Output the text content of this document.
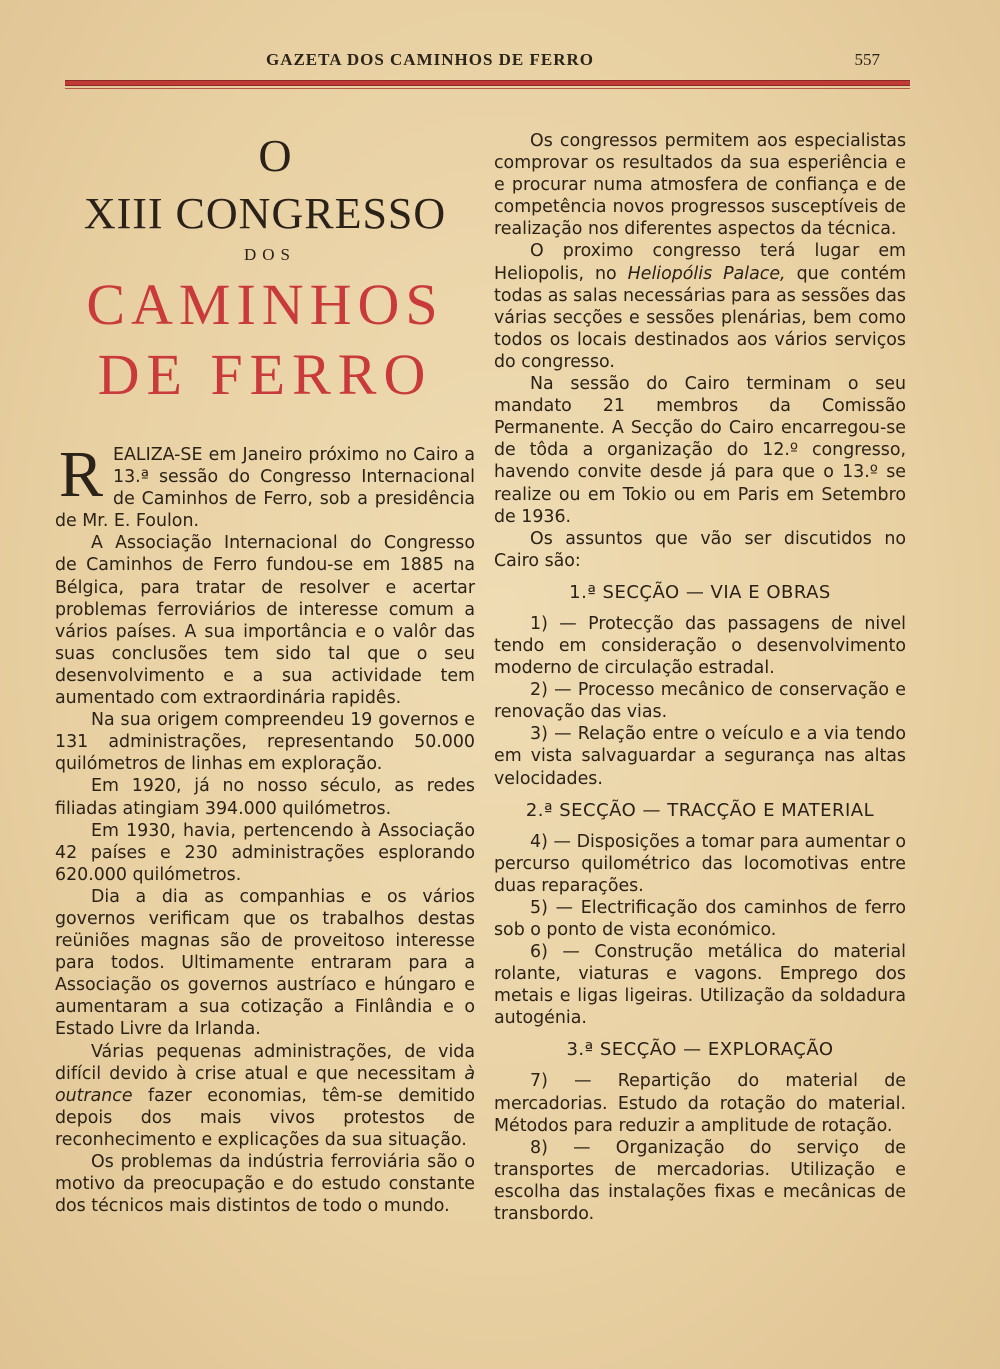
GAZETA DOS CAMINHOS DE FERRO	557
O
XIII CONGRESSO
DOS
CAMINHOS
DE FERRO
R EALIZA-SE em Janeiro próximo no Cairo a 13.ª sessão do Congresso Internacional de Caminhos de Ferro, sob a presidência de Mr. E. Foulon.

A Associação Internacional do Congresso de Caminhos de Ferro fundou-se em 1885 na Bélgica, para tratar de resolver e acertar problemas ferroviários de interesse comum a vários países. A sua importância e o valôr das suas conclusões tem sido tal que o seu desenvolvimento e a sua actividade tem aumentado com extraordinária rapidês.

Na sua origem compreendeu 19 governos e 131 administrações, representando 50.000 quilómetros de linhas em exploração.

Em 1920, já no nosso século, as redes filiadas atingiam 394.000 quilómetros.

Em 1930, havia, pertencendo à Associação 42 países e 230 administrações esplorando 620.000 quilómetros.

Dia a dia as companhias e os vários governos verificam que os trabalhos destas reüniões magnas são de proveitoso interesse para todos. Ultimamente entraram para a Associação os governos austríaco e húngaro e aumentaram a sua cotização a Finlândia e o Estado Livre da Irlanda.

Várias pequenas administrações, de vida difícil devido à crise atual e que necessitam à outrance fazer economias, têm-se demitido depois dos mais vivos protestos de reconhecimento e explicações da sua situação.

Os problemas da indústria ferroviária são o motivo da preocupação e do estudo constante dos técnicos mais distintos de todo o mundo.

Os congressos permitem aos especialistas comprovar os resultados da sua esperiência e e procurar numa atmosfera de confiança e de competência novos progressos susceptíveis de realização nos diferentes aspectos da técnica.

O proximo congresso terá lugar em Heliopolis, no Heliopólis Palace, que contém todas as salas necessárias para as sessões das várias secções e sessões plenárias, bem como todos os locais destinados aos vários serviços do congresso.

Na sessão do Cairo terminam o seu mandato 21 membros da Comissão Permanente. A Secção do Cairo encarregou-se de tôda a organização do 12.º congresso, havendo convite desde já para que o 13.º se realize ou em Tokio ou em Paris em Setembro de 1936.

Os assuntos que vão ser discutidos no Cairo são:

1.ª SECÇÃO — VIA E OBRAS

1) — Protecção das passagens de nivel tendo em consideração o desenvolvimento moderno de circulação estradal.

2) — Processo mecânico de conservação e renovação das vias.

3) — Relação entre o veículo e a via tendo em vista salvaguardar a segurança nas altas velocidades.

2.ª SECÇÃO — TRACÇÃO E MATERIAL

4) — Disposições a tomar para aumentar o percurso quilométrico das locomotivas entre duas reparações.

5) — Electrificação dos caminhos de ferro sob o ponto de vista económico.

6) — Construção metálica do material rolante, viaturas e vagons. Emprego dos metais e ligas ligeiras. Utilização da soldadura autogénia.

3.ª SECÇÃO — EXPLORAÇÃO

7) — Repartição do material de mercadorias. Estudo da rotação do material. Métodos para reduzir a amplitude de rotação.

8) — Organização do serviço de transportes de mercadorias. Utilização e escolha das instalações fixas e mecânicas de transbordo.
